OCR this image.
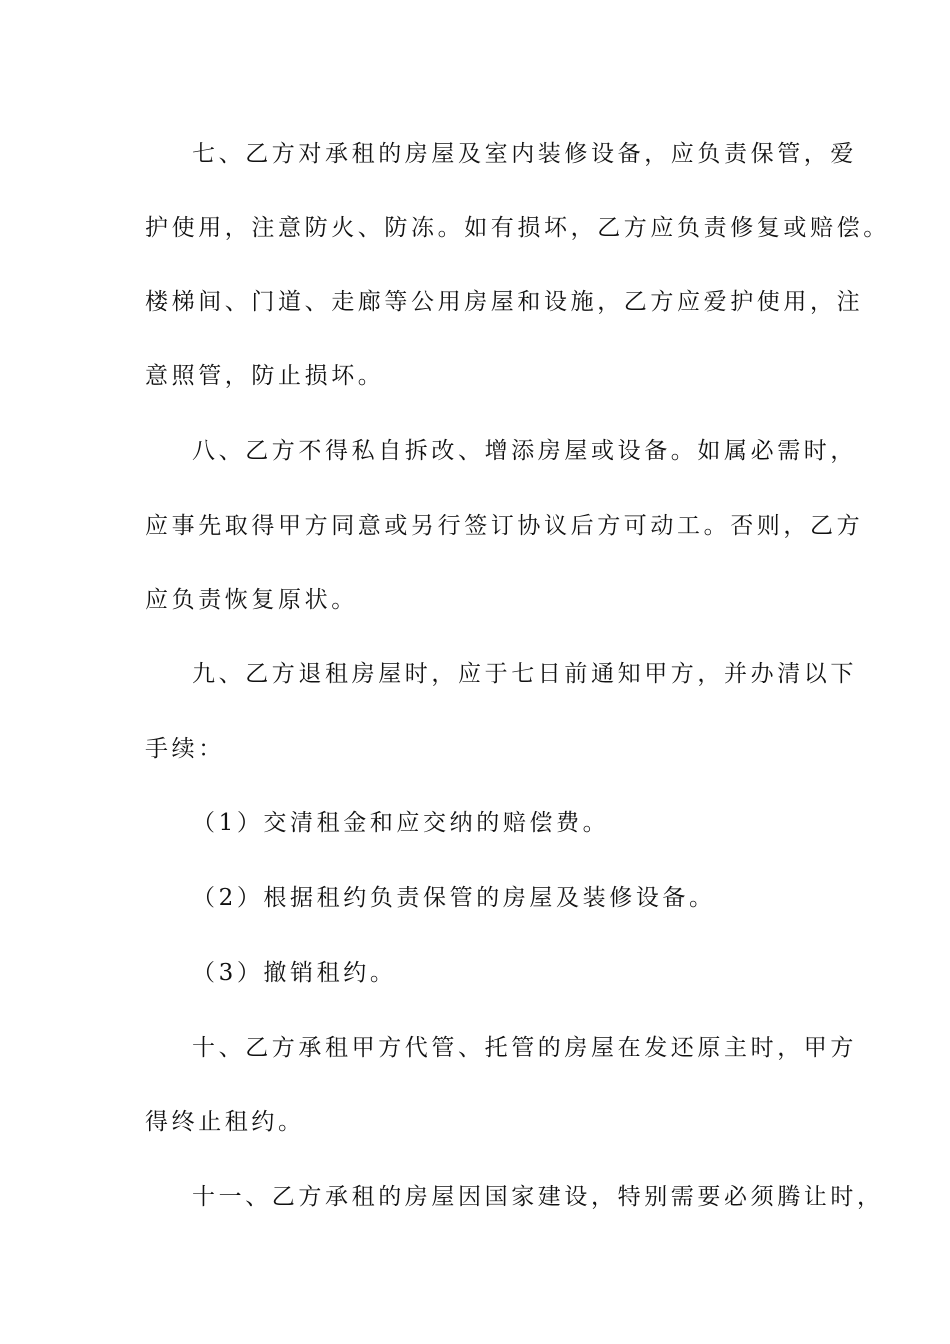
七、乙方对承租的房屋及室内装修设备，应负责保管，爱
护使用，注意防火、防冻。如有损坏，乙方应负责修复或赔偿。
楼梯间、门道、走廊等公用房屋和设施，乙方应爱护使用，注
意照管，防止损坏。
八、乙方不得私自拆改、增添房屋或设备。如属必需时，
应事先取得甲方同意或另行签订协议后方可动工。否则，乙方
应负责恢复原状。
九、乙方退租房屋时，应于七日前通知甲方，并办清以下
手续：
（1）交清租金和应交纳的赔偿费。
（2）根据租约负责保管的房屋及装修设备。
（3）撤销租约。
十、乙方承租甲方代管、托管的房屋在发还原主时，甲方
得终止租约。
十一、乙方承租的房屋因国家建设，特别需要必须腾让时，
